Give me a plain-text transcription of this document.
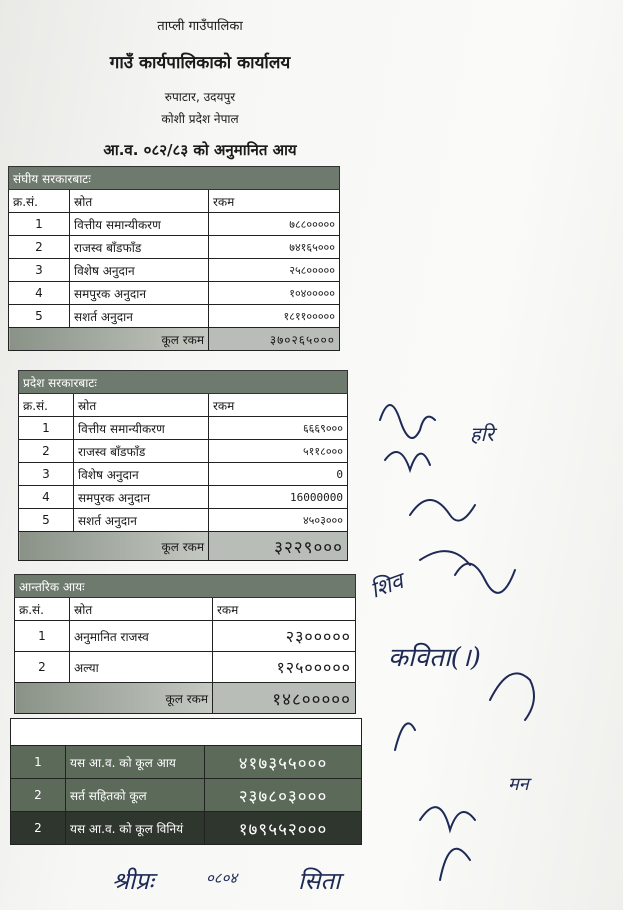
ताप्ली गाउँपालिका
गाउँ कार्यपालिकाको कार्यालय
रुपाटार, उदयपुर
कोशी प्रदेश नेपाल
आ.व. ०८२/८३ को अनुमानित आय
संघीय सरकारबाटः		
क्र.सं.	स्रोत	रकम
1	वित्तीय समान्यीकरण	७८८०००००
2	राजस्व बाँडफाँड	७४१६५०००
3	विशेष अनुदान	२५८०००००
4	समपुरक अनुदान	१०४०००००
5	सशर्त अनुदान	१८११०००००
कूल रकम		३७०२६५०००
प्रदेश सरकारबाटः		
क्र.सं.	स्रोत	रकम
1	वित्तीय समान्यीकरण	६६६९०००
2	राजस्व बाँडफाँड	५११८०००
3	विशेष अनुदान	0
4	समपुरक अनुदान	16000000
5	सशर्त अनुदान	४५०३०००
कूल रकम		३२२९०००
आन्तरिक आयः		
क्र.सं.	स्रोत	रकम
1	अनुमानित राजस्व	२३०००००
2	अल्या	१२५०००००
कूल रकम		१४८०००००

1	यस आ.व. को कूल आय	४१७३५५०००
2	सर्त सहितको कूल	२३७८०३०००
2	यस आ.व. को कूल विनियं	१७९५५२०००
श्रीप्रः	०८०४	सिता
कविता(।)
मन
शिव
हरि
